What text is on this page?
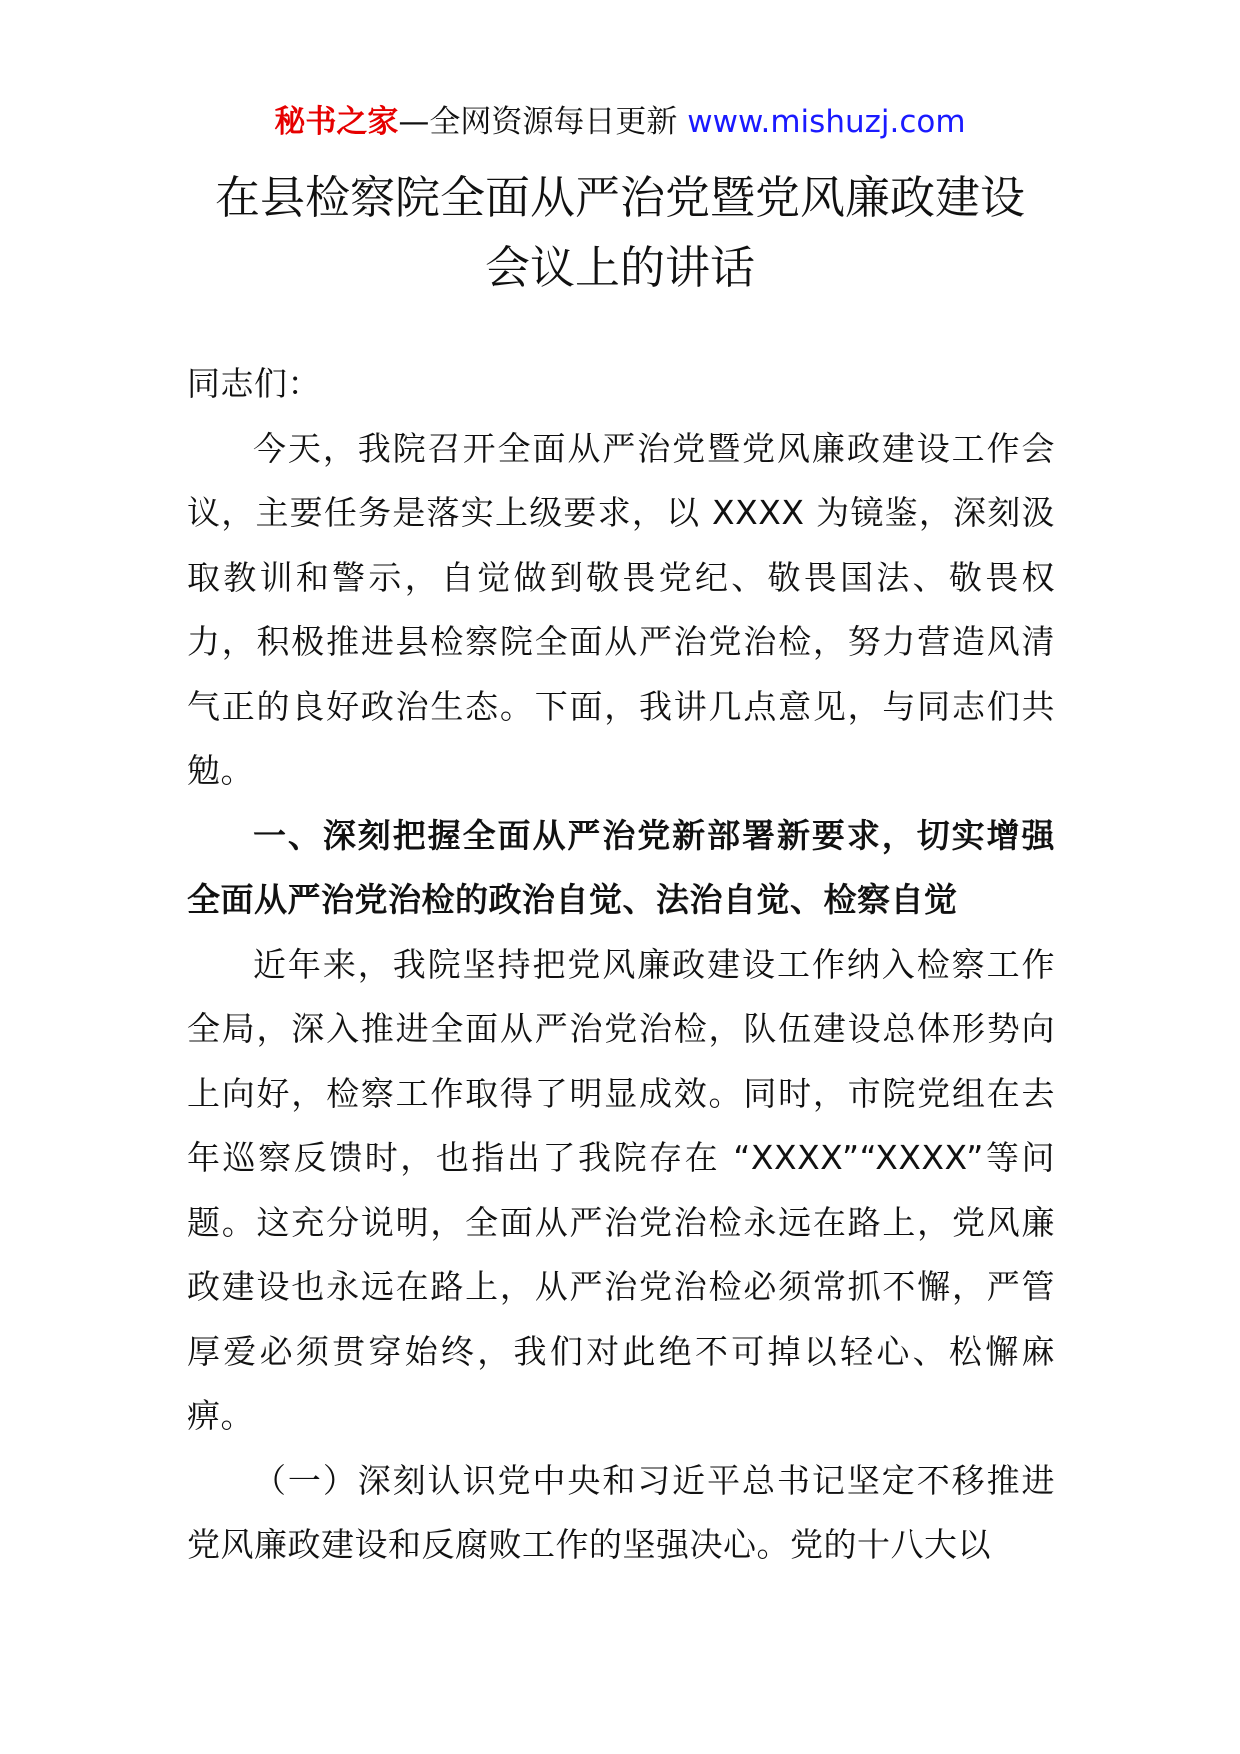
秘书之家—全网资源每日更新 www.mishuzj.com
在县检察院全面从严治党暨党风廉政建设
会议上的讲话

同志们：

今天，我院召开全面从严治党暨党风廉政建设工作会议，主要任务是落实上级要求，以 XXXX 为镜鉴，深刻汲取教训和警示，自觉做到敬畏党纪、敬畏国法、敬畏权力，积极推进县检察院全面从严治党治检，努力营造风清气正的良好政治生态。下面，我讲几点意见，与同志们共勉。

一、深刻把握全面从严治党新部署新要求，切实增强全面从严治党治检的政治自觉、法治自觉、检察自觉

近年来，我院坚持把党风廉政建设工作纳入检察工作全局，深入推进全面从严治党治检，队伍建设总体形势向上向好，检察工作取得了明显成效。同时，市院党组在去年巡察反馈时，也指出了我院存在 “XXXX”“XXXX”等问题。这充分说明，全面从严治党治检永远在路上，党风廉政建设也永远在路上，从严治党治检必须常抓不懈，严管厚爱必须贯穿始终，我们对此绝不可掉以轻心、松懈麻痹。

（一）深刻认识党中央和习近平总书记坚定不移推进党风廉政建设和反腐败工作的坚强决心。党的十八大以
